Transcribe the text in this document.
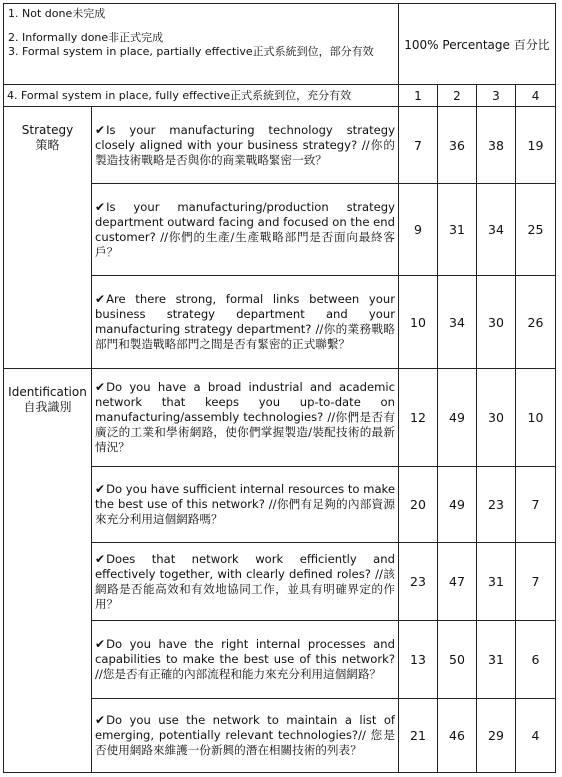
1. Not done未完成
2. Informally done非正式完成
3. Formal system in place, partially effective正式系統到位，部分有效		100% Percentage 百分比			
4. Formal system in place, fully effective正式系統到位，充分有效		1	2	3	4

Strategy
策略	✔Is your manufacturing technology strategy closely aligned with your business strategy? //你的製造技術戰略是否與你的商業戰略緊密一致？	7	36	38	19
	✔Is your manufacturing/production strategy department outward facing and focused on the end customer? //你們的生產/生產戰略部門是否面向最終客戶？	9	31	34	25
	✔Are there strong, formal links between your business strategy department and your manufacturing strategy department? //你的業務戰略部門和製造戰略部門之間是否有緊密的正式聯繫？	10	34	30	26

Identification
自我識別	✔Do you have a broad industrial and academic network that keeps you up-to-date on manufacturing/assembly technologies? //你們是否有廣泛的工業和學術網路，使你們掌握製造/裝配技術的最新情況？	12	49	30	10
	✔Do you have sufficient internal resources to make the best use of this network? //你們有足夠的內部資源來充分利用這個網路嗎？	20	49	23	7
	✔Does that network work efficiently and effectively together, with clearly defined roles? //該網路是否能高效和有效地協同工作，並具有明確界定的作用？	23	47	31	7
	✔Do you have the right internal processes and capabilities to make the best use of this network? //您是否有正確的內部流程和能力來充分利用這個網路？	13	50	31	6
	✔Do you use the network to maintain a list of emerging, potentially relevant technologies?// 您是否使用網路來維護一份新興的潛在相關技術的列表？	21	46	29	4
